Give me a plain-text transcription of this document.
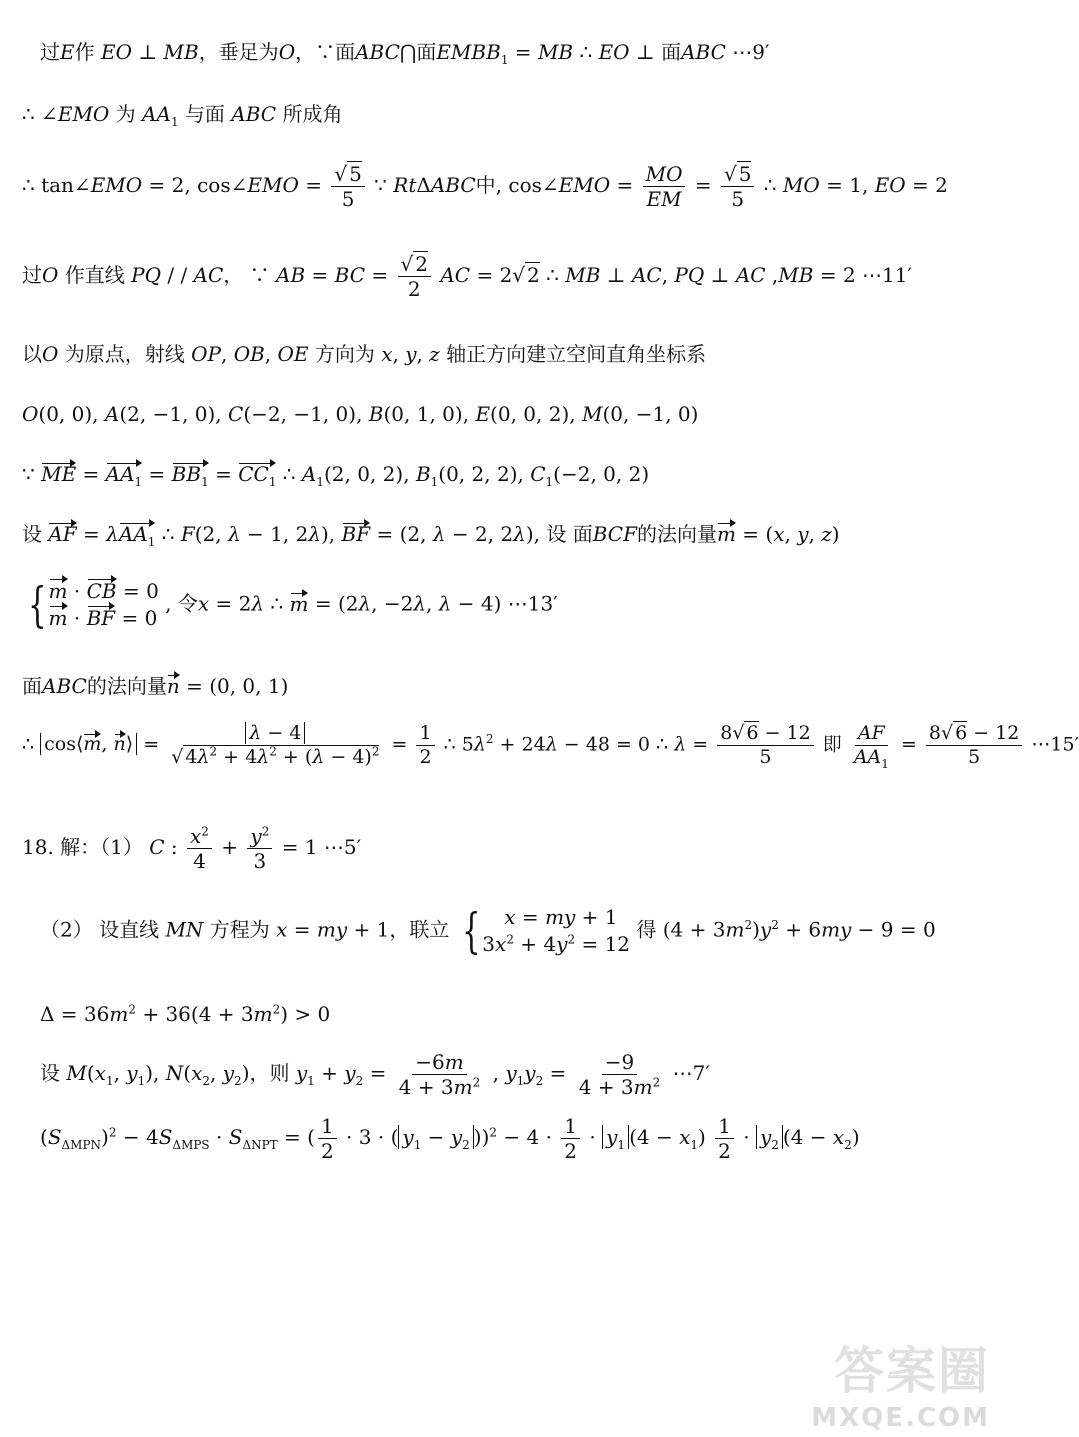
过E作 EO ⊥ MB，垂足为O，∵面ABC⋂面$EMBB_1$ = MB ∴ EO ⊥ 面ABC ⋯9′
∴ ∠EMO 为 $AA_1$ 与面 ABC 所成角
∴ tan∠EMO = 2, cos∠EMO = $\frac{√ 5}{5}$ ∵ RtΔABC中, cos∠EMO = $\frac{MO}{EM} = \frac{√ 5}{5}$ ∴ MO = 1, EO = 2
过O 作直线 PQ / / AC， ∵ AB = BC = $\frac{√ 2}{2}$ AC = 2√ 2 ∴ MB ⊥ AC, PQ ⊥ AC ,MB = 2 ⋯11′
以O 为原点，射线 OP, OB, OE 方向为 x, y, z 轴正方向建立空间直角坐标系
O(0, 0), A(2, −1, 0), C(−2, −1, 0), B(0, 1, 0), E(0, 0, 2), M(0, −1, 0)
∵ ME = $AA_1 = BB_1 = CC_1$ ∴ $A_1(2$, 0, 2), $B_1(0$, 2, 2), $C_1(-2$, 0, 2)
设 AF = λAA$_1$ ∴ F(2, λ − 1, 2λ), BF = (2, λ − 2, 2λ), 设 面BCF的法向量m = (x, y, z)
{ m · CB = 0
m · BF = 0
, 令x = 2λ ∴ m = (2λ, −2λ, λ − 4) ⋯13′
面ABC的法向量n = (0, 0, 1)
∴ cos⟨m, n⟩ = $\frac{\lambda - 4}{√ 4\lambda^2 + 4\lambda^2 + (\lambda - 4)^2} = \frac{1}{2}$ ∴ $5\lambda^2 + 24\lambda - 48 = 0$ ∴ $\lambda = \frac{8√ 6 - 12}{5}$ 即 $\frac{AF}{AA_1} = \frac{8√ 6 - 12}{5}$ ⋯15′
18. 解：（1） C : $\frac{x^2}{4} + \frac{y^2}{3} = 1$ ⋯5′
（2） 设直线 MN 方程为 x = my + 1，联立 {	x = my + 1
$3x^2 + 4y^2 = 12$
得 $(4 + 3m^2)y^2 + 6my - 9 = 0$
$\Delta = 36m^2 + 36(4 + 3m^2) > 0$
设 $M(x_1$, $y_1$), $N(x_2$, $y_2$)，则 $y_1 + y_2 = \frac{-6m}{4 + 3m^2}$ , $y_1y_2 = \frac{-9}{4 + 3m^2}$ ⋯7′
$(S_{\Delta MPN})^2 - 4S_{\Delta MPS} \cdot S_{\Delta NPT}$ = ( $\frac{1}{2} \cdot 3$ · ( $y_1 - y_2$ ))$^2 - 4 \cdot \frac{1}{2} \cdot y_1$ $(4 - x_1) \frac{1}{2} \cdot y_2$ $(4 - x_2)$
答案圈
MXQE.COM
